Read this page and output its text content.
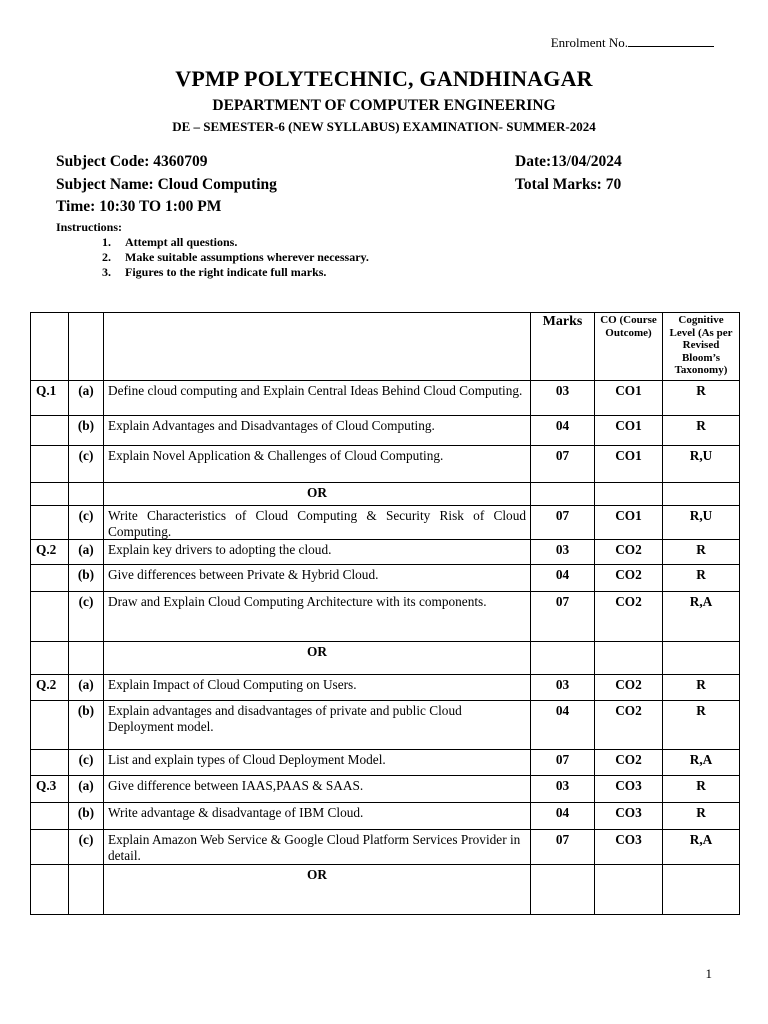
Enrolment No.
VPMP POLYTECHNIC, GANDHINAGAR
DEPARTMENT OF COMPUTER ENGINEERING
DE – SEMESTER-6 (NEW SYLLABUS) EXAMINATION- SUMMER-2024
Subject Code: 4360709	Date:13/04/2024
Subject Name: Cloud Computing	Total Marks: 70
Time: 10:30 TO 1:00 PM
Instructions:
1. Attempt all questions.
2. Make suitable assumptions wherever necessary.
3. Figures to the right indicate full marks.
			Marks	CO (Course Outcome)	Cognitive Level (As per Revised Bloom’s Taxonomy)
Q.1	(a)	Define cloud computing and Explain Central Ideas Behind Cloud Computing.	03	CO1	R
	(b)	Explain Advantages and Disadvantages of Cloud Computing.	04	CO1	R
	(c)	Explain Novel Application & Challenges of Cloud Computing.	07	CO1	R,U
		OR			
	(c)	Write Characteristics of Cloud Computing & Security Risk of Cloud Computing.	07	CO1	R,U
Q.2	(a)	Explain key drivers to adopting the cloud.	03	CO2	R
	(b)	Give differences between Private & Hybrid Cloud.	04	CO2	R
	(c)	Draw and Explain Cloud Computing Architecture with its components.	07	CO2	R,A
		OR			
Q.2	(a)	Explain Impact of Cloud Computing on Users.	03	CO2	R
	(b)	Explain advantages and disadvantages of private and public Cloud Deployment model.	04	CO2	R
	(c)	List and explain types of Cloud Deployment Model.	07	CO2	R,A
Q.3	(a)	Give difference between IAAS,PAAS & SAAS.	03	CO3	R
	(b)	Write advantage & disadvantage of IBM Cloud.	04	CO3	R
	(c)	Explain Amazon Web Service & Google Cloud Platform Services Provider in detail.	07	CO3	R,A
		OR			
1
